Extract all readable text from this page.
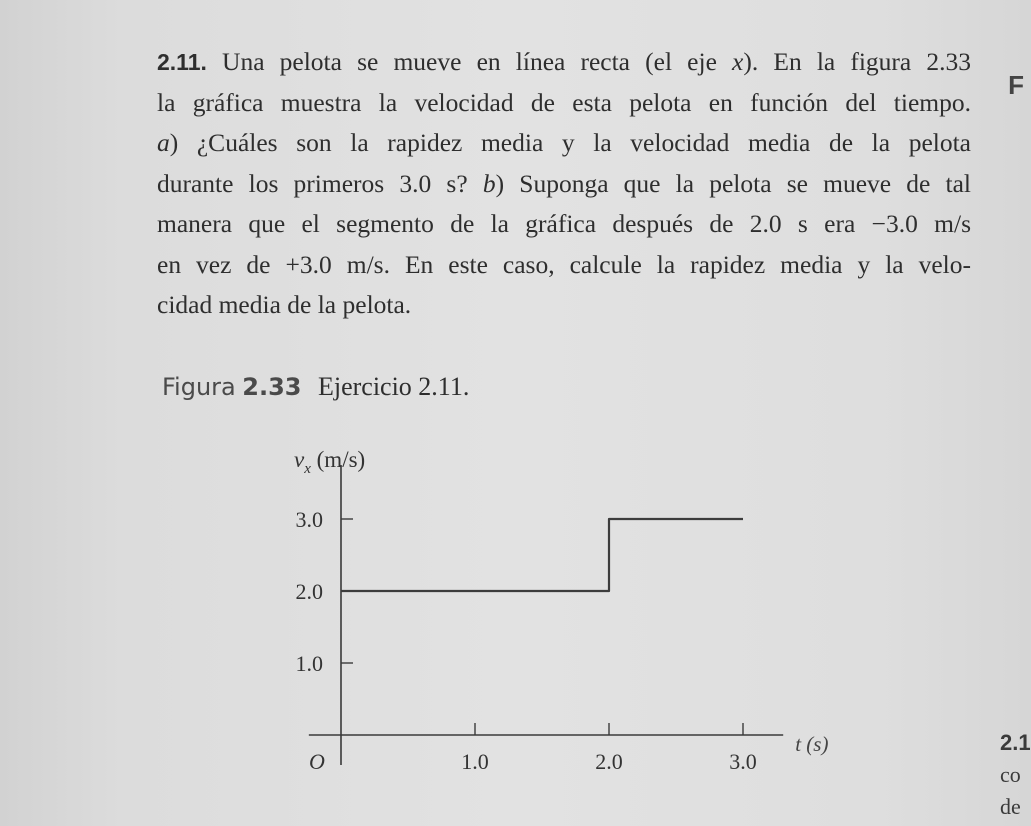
2.11. Una pelota se mueve en línea recta (el eje x). En la figura 2.33
la gráfica muestra la velocidad de esta pelota en función del tiempo.
a) ¿Cuáles son la rapidez media y la velocidad media de la pelota
durante los primeros 3.0 s? b) Suponga que la pelota se mueve de tal
manera que el segmento de la gráfica después de 2.0 s era −3.0 m/s
en vez de +3.0 m/s. En este caso, calcule la rapidez media y la velo-
cidad media de la pelota.
Figura 2.33 Ejercicio 2.11.
1.0
2.0
3.0
1.0	2.0	3.0
O
t (s)
$v_x$ (m/s)
F
2.1
co
de
